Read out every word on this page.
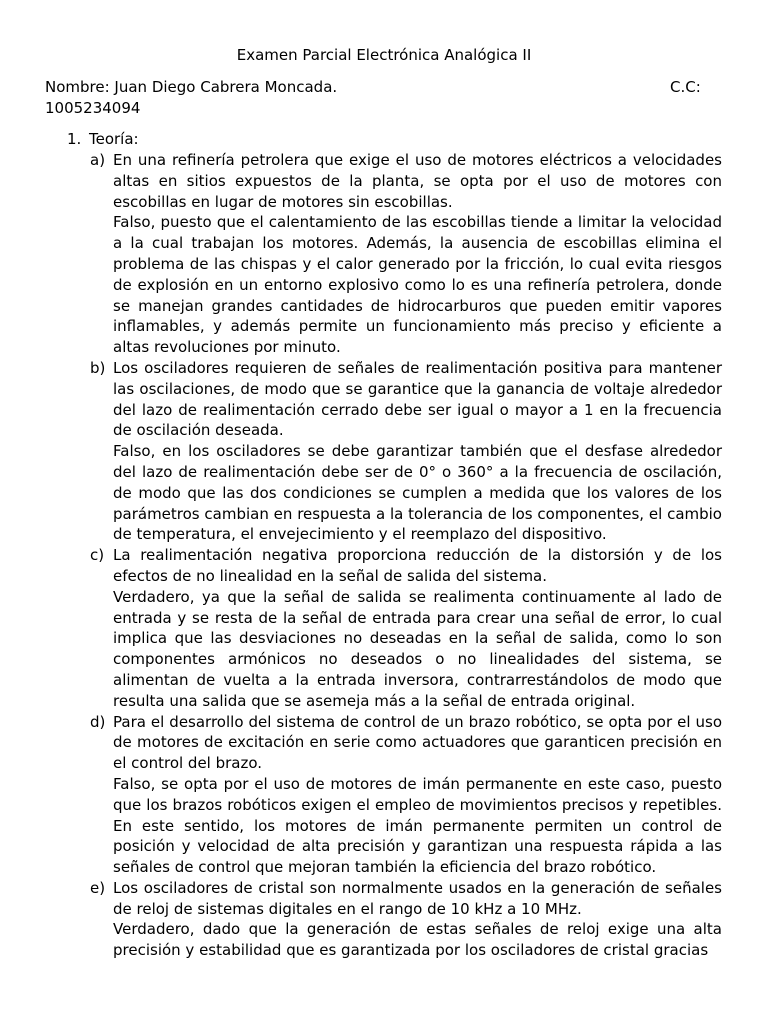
Examen Parcial Electrónica Analógica II
Nombre: Juan Diego Cabrera Moncada.	C.C:
1005234094
1. Teoría:
a) En una refinería petrolera que exige el uso de motores eléctricos a velocidades altas en sitios expuestos de la planta, se opta por el uso de motores con escobillas en lugar de motores sin escobillas.

Falso, puesto que el calentamiento de las escobillas tiende a limitar la velocidad a la cual trabajan los motores. Además, la ausencia de escobillas elimina el problema de las chispas y el calor generado por la fricción, lo cual evita riesgos de explosión en un entorno explosivo como lo es una refinería petrolera, donde se manejan grandes cantidades de hidrocarburos que pueden emitir vapores inflamables, y además permite un funcionamiento más preciso y eficiente a altas revoluciones por minuto.

b) Los osciladores requieren de señales de realimentación positiva para mantener las oscilaciones, de modo que se garantice que la ganancia de voltaje alrededor del lazo de realimentación cerrado debe ser igual o mayor a 1 en la frecuencia de oscilación deseada.

Falso, en los osciladores se debe garantizar también que el desfase alrededor del lazo de realimentación debe ser de 0° o 360° a la frecuencia de oscilación, de modo que las dos condiciones se cumplen a medida que los valores de los parámetros cambian en respuesta a la tolerancia de los componentes, el cambio de temperatura, el envejecimiento y el reemplazo del dispositivo.

c) La realimentación negativa proporciona reducción de la distorsión y de los efectos de no linealidad en la señal de salida del sistema.

Verdadero, ya que la señal de salida se realimenta continuamente al lado de entrada y se resta de la señal de entrada para crear una señal de error, lo cual implica que las desviaciones no deseadas en la señal de salida, como lo son componentes armónicos no deseados o no linealidades del sistema, se alimentan de vuelta a la entrada inversora, contrarrestándolos de modo que resulta una salida que se asemeja más a la señal de entrada original.

d) Para el desarrollo del sistema de control de un brazo robótico, se opta por el uso de motores de excitación en serie como actuadores que garanticen precisión en el control del brazo.

Falso, se opta por el uso de motores de imán permanente en este caso, puesto que los brazos robóticos exigen el empleo de movimientos precisos y repetibles. En este sentido, los motores de imán permanente permiten un control de posición y velocidad de alta precisión y garantizan una respuesta rápida a las señales de control que mejoran también la eficiencia del brazo robótico.

e) Los osciladores de cristal son normalmente usados en la generación de señales de reloj de sistemas digitales en el rango de 10 kHz a 10 MHz.

Verdadero, dado que la generación de estas señales de reloj exige una alta precisión y estabilidad que es garantizada por los osciladores de cristal gracias
